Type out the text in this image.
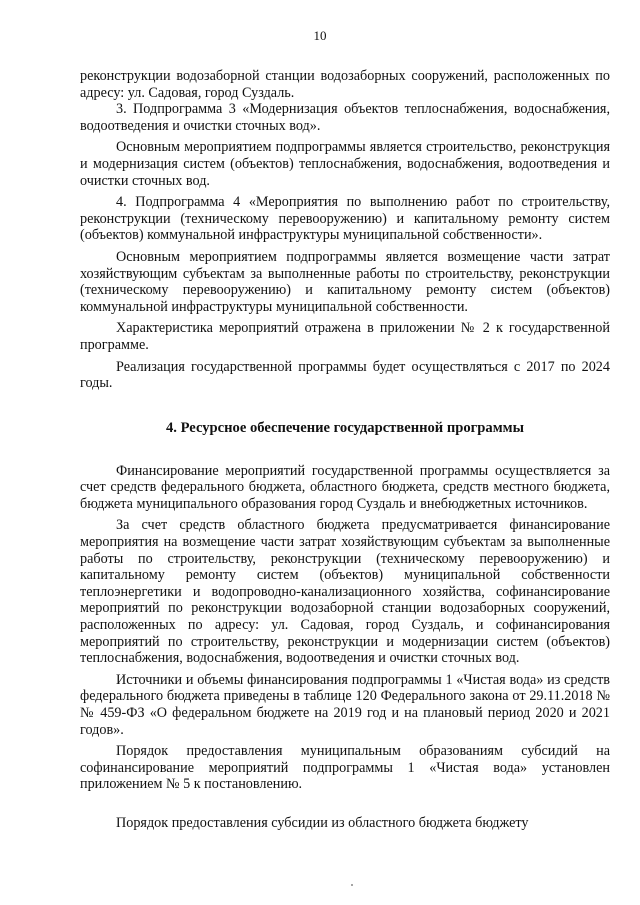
10

реконструкции водозаборной станции водозаборных сооружений, расположенных по адресу: ул. Садовая, город Суздаль.

3. Подпрограмма 3 «Модернизация объектов теплоснабжения, водоснабжения, водоотведения и очистки сточных вод».

Основным мероприятием подпрограммы является строительство, реконструкция и модернизация систем (объектов) теплоснабжения, водоснабжения, водоотведения и очистки сточных вод.

4. Подпрограмма 4 «Мероприятия по выполнению работ по строительству, реконструкции (техническому перевооружению) и капитальному ремонту систем (объектов) коммунальной инфраструктуры муниципальной собственности».

Основным мероприятием подпрограммы является возмещение части затрат хозяйствующим субъектам за выполненные работы по строительству, реконструкции (техническому перевооружению) и капитальному ремонту систем (объектов) коммунальной инфраструктуры муниципальной собственности.

Характеристика мероприятий отражена в приложении № 2 к государственной программе.

Реализация государственной программы будет осуществляться с 2017 по 2024 годы.

4. Ресурсное обеспечение государственной программы

Финансирование мероприятий государственной программы осуществляется за счет средств федерального бюджета, областного бюджета, средств местного бюджета, бюджета муниципального образования город Суздаль и внебюджетных источников.

За счет средств областного бюджета предусматривается финансирование мероприятия на возмещение части затрат хозяйствующим субъектам за выполненные работы по строительству, реконструкции (техническому перевооружению) и капитальному ремонту систем (объектов) муниципальной собственности теплоэнергетики и водопроводно-канализационного хозяйства, софинансирование мероприятий по реконструкции водозаборной станции водозаборных сооружений, расположенных по адресу: ул. Садовая, город Суздаль, и софинансирования мероприятий по строительству, реконструкции и модернизации систем (объектов) теплоснабжения, водоснабжения, водоотведения и очистки сточных вод.

Источники и объемы финансирования подпрограммы 1 «Чистая вода» из средств федерального бюджета приведены в таблице 120 Федерального закона от 29.11.2018 № № 459-ФЗ «О федеральном бюджете на 2019 год и на плановый период 2020 и 2021 годов».

Порядок предоставления муниципальным образованиям субсидий на софинансирование мероприятий подпрограммы 1 «Чистая вода» установлен приложением № 5 к постановлению.

Порядок предоставления субсидии из областного бюджета бюджету
